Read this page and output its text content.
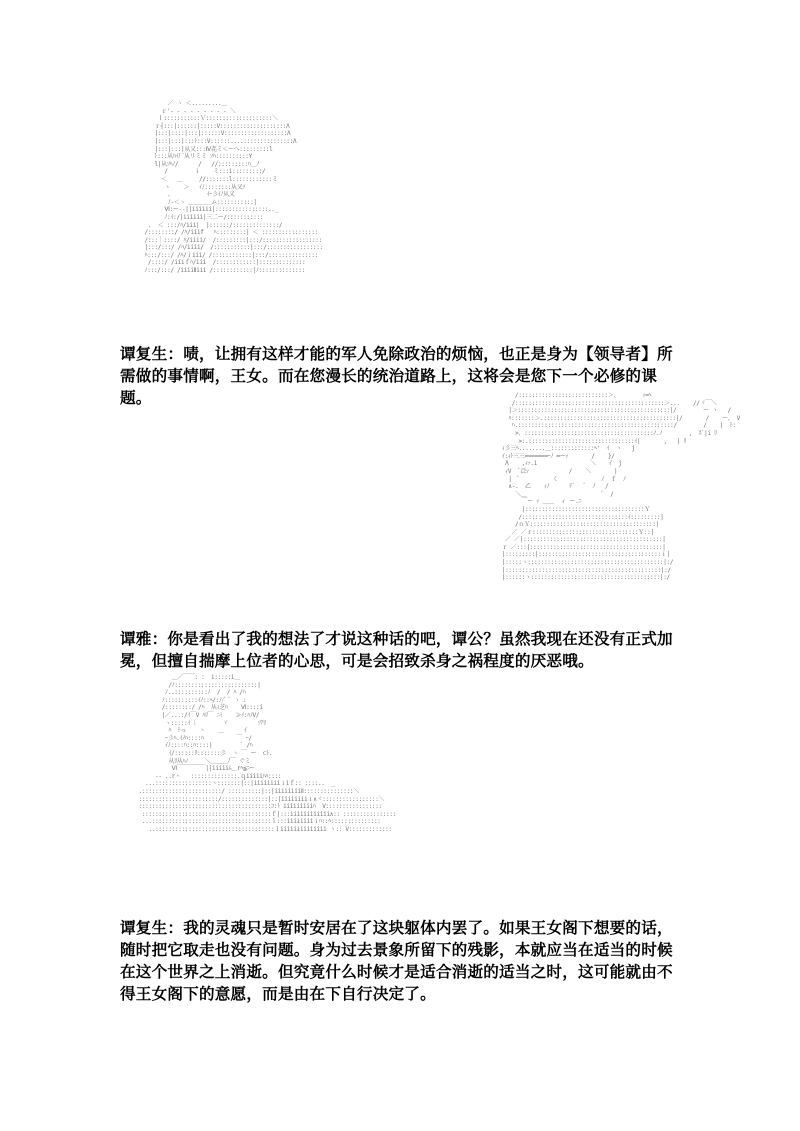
／ ヽ ＜.........＿
ｒ'‐ ‐ ‐ ‐ ‐ ‐ ‐ ‐ ‐ ＼
ｌ:::::::::::Ｖ::::::::::::::::::::＼
ｒ┤:::|::::::|:::::V::::::::::::::::::::Λ
|:::|::::|:::|::::::V:::::::::::::::::::Λ
|:::|:::|:::ﾄ:::V::::::....:::::::::::::::Λ
|:::|:::|从又:::Ⅳ㐂ミ＜ーへ:::::::::l
ﾄ:::从ﾊｲ厂从リミミ ｿﾊ::::::::::Y
l|从ｿﾊﾉ/      /   //:::::::::ﾊ＿ﾉ
/        ｉ    ミ:::i:::::::::/
＜   ＿     //:::::::l::::::::::::ミ
ヽ    ＞   ｲﾉ::::::::从又ｿ
、          ｲｰ彡ｲﾉ从又
ﾉ‐＜ヽ ＿＿＿＿ム:::::::::::|
Ⅵ:ー--||iiiiii|::::::::::::::::.._
ﾉ:ｲ:/|iiiiii|三二ー/:::::::::::
.  ＜ :::/ﾊ/iii|  |::::::/::::::::::::::/
/::::::::/ /ﾊ/iiif   ﾊ:::::::::| ＜ :::::::::::::::::
/:::｜::::/ ﾊ/iiii/  /:::::::::|:::/::::::::::::::::::
|:::/:::/ /ﾊ/iiii/  /:::::::::::|:::/:::::::::::::::::
ﾊ:::/:::/ /ﾊ/ｉiii/ /::::::::::::|:::/:::::::::::::::
/::::/ /iiiｆﾊ/iii  /::::::::::::|::::::::::::::
ﾉ:::/:::/ /iiiiⅡiii /::::::::::::|ﾉ::::::::::::::

谭复生：啧，让拥有这样才能的军人免除政治的烦恼，也正是身为【领导者】所需做的事情啊，王女。而在您漫长的统治道路上，这将会是您下一个必修的课题。	/:::::::::::::::::::::::::::＞、       ｨ=ﾍ
/:::::::::::::::::::::::::::::::::::::::::::::＞...    //ヾ￣＼
|＞::::::::::::::::::::::::::::::::::::::::::::::|/        ー ヽ   /
ﾊ:::::::＞.::::::::::::::::::::::::::::::::::::::::|/       /    ー、 V
ﾊ.:::::::::::::::::::::::::::::::::::::::::::::::/        /    |  ﾄ:
>、:::::::::::::::::::::::::::::::::::::::ﾉ.ﾉ        ,  ｽﾞ|i ﾘ
>:.::::::::::::::::::::::::::::::::ｲ|       ,   | ﾘ
ｨ彡三ﾍ........＿:::::::::::::ﾍ'  ｲ  ヽ   j
ｲ:ｨﾄ三三=======ｰﾉ ━ーｧ       /    }/
Λ    ,ｨｧ.i                ＼    ｲ  j
ｨV  ﾞ泛ｧ            /    ＼       |
|  ﾞ          く             ﾉ  ｆ  ﾉ
∧‐.  乙    ｨﾉ      ﾃﾞ   ﾞ  ﾉ   /
＼＿                       ﾞ  /
￣ー ｧ ＿＿  ィ ー.ﾆ
|::::::::::::::::::::::::::::::::::::Ｙ
/::::::::::::::::::::::::::::::::ｲ:::::::::|
/ｏＹ::::::::::::::::::::::::::::::::::::::|
／ ／ｒ::::::::::::::::::::::::::::::::Ｙ::|
／ ／|::::::::::::::::::::::::::::::::::::::::::|
ｒ ／:::|::::::::::::::::::::::::::::::::::::::::|
|:::::::::|:::::::::::::::::::::::::::::::::::::ｉ|
|:::::ヽ:::::::::::::::::::::::::::::::::::::::::|:/
|:::::::::::::::::::::::::::::::::::::::::::::::|:/
|::::::ヽ:::::::::::::::::::::::::::::::::::::::|:/

谭雅：你是看出了我的想法了才说这种话的吧，谭公？虽然我现在还没有正式加冕，但擅自揣摩上位者的心思，可是会招致杀身之祸程度的厌恶哦。

＿／￣￣: :  i:::::i＿
/ﾉ:::::::::::::::::::::::::|
ﾉ..::::::::::ﾉ  /  / ﾊ /ﾊ
ﾉ::::::::::ｲﾉ::ﾍ/:ﾉ/ﾞ ﾞ ヽ :
/::::::::/ /ﾊ  从ｨ芝ﾊ    Ⅵ::::i
|／...:/ｲ￣V ﾊﾘ￣ ﾆﾐ    ≫ｲ:ﾊﾉV/
ヽ:::::ｲ〔        ヾ         ｿｱﾘ
ﾊ  ﾄっ    ヽ    ＿      ｲ
ｰ彡ﾊ.ｲﾉﾊ::::ﾊ          ￣ ｰ/
ｲﾉ::::ﾊ::ﾊ::::|         ﾞ /ﾊ
ｲ/::::::ﾘ:::::::彡  ヽ ￣ ー  ⊂ﾄ.
从ﾘ从ﾊﾉ     ＼＿＿＿ﾉ￣ ぐミ
Ⅵ￣￣￣￣￣||iiiiiﾑ＿rﾍ≦ﾆー
-- ..r＾   ::::::::::::::.ｑiiiiiﾊﾊ::::
...:::::::::::::::::ヽ:::::::|::|iiiiiiiiｉiｆ:: ::::..  _
.::::::::::::::::::::::::/ ::::::::::|::|iiiiiiiiⅡ:::::::::::::::＼
::::::::::::::::::::::::/::::::::::::::|::|iiiiiiiiｉ∧ヾ:::::::::::::::::＼
::::::::::::::::::::::::::::::::::::::::ｺ:ﾄ iiiiiiiiiﾊ  V:::::::::::::::::
:::::::::::::::::::::::::::::::::::::::ｆ|:::iiiiiiiiiiii∧:: ::::::::::::::::
...::::::::::::::::::::::::::::::::::::ｌ:::iiiiiiiiｉﾊ::ﾍ:::::::::::::::
..::::::::::::::::::::::::::::::::::::ｌiiiiiiiiiiiiii ヽ:: V:::::::::::::

谭复生：我的灵魂只是暂时安居在了这块躯体内罢了。如果王女阁下想要的话，随时把它取走也没有问题。身为过去景象所留下的残影，本就应当在适当的时候在这个世界之上消逝。但究竟什么时候才是适合消逝的适当之时，这可能就由不得王女阁下的意愿，而是由在下自行决定了。
